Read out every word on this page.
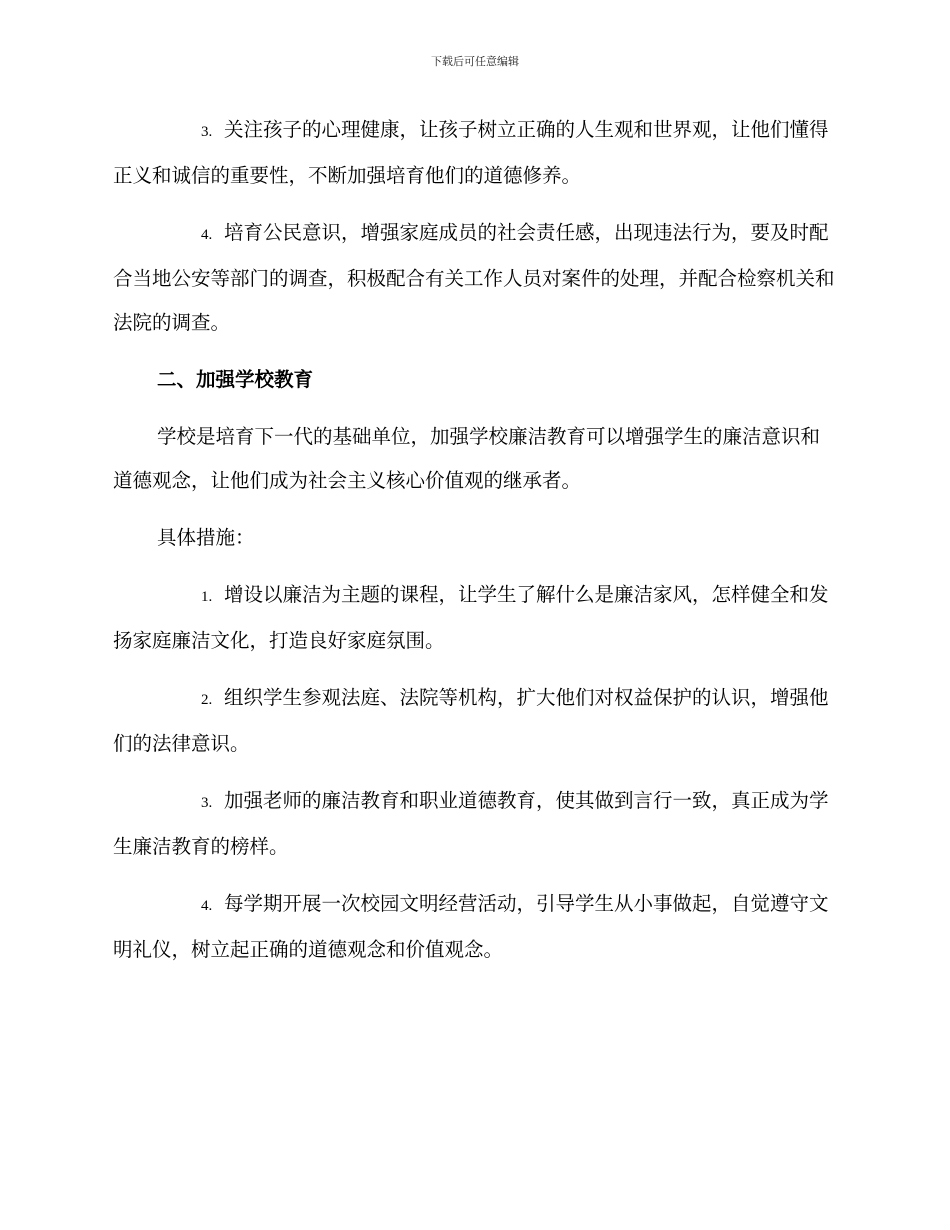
下载后可任意编辑

3. 关注孩子的心理健康，让孩子树立正确的人生观和世界观，让他们懂得正义和诚信的重要性，不断加强培育他们的道德修养。

4. 培育公民意识，增强家庭成员的社会责任感，出现违法行为，要及时配合当地公安等部门的调查，积极配合有关工作人员对案件的处理，并配合检察机关和法院的调查。

二、加强学校教育

学校是培育下一代的基础单位，加强学校廉洁教育可以增强学生的廉洁意识和道德观念，让他们成为社会主义核心价值观的继承者。

具体措施：

1. 增设以廉洁为主题的课程，让学生了解什么是廉洁家风，怎样健全和发扬家庭廉洁文化，打造良好家庭氛围。

2. 组织学生参观法庭、法院等机构，扩大他们对权益保护的认识，增强他们的法律意识。

3. 加强老师的廉洁教育和职业道德教育，使其做到言行一致，真正成为学生廉洁教育的榜样。

4. 每学期开展一次校园文明经营活动，引导学生从小事做起，自觉遵守文明礼仪，树立起正确的道德观念和价值观念。
